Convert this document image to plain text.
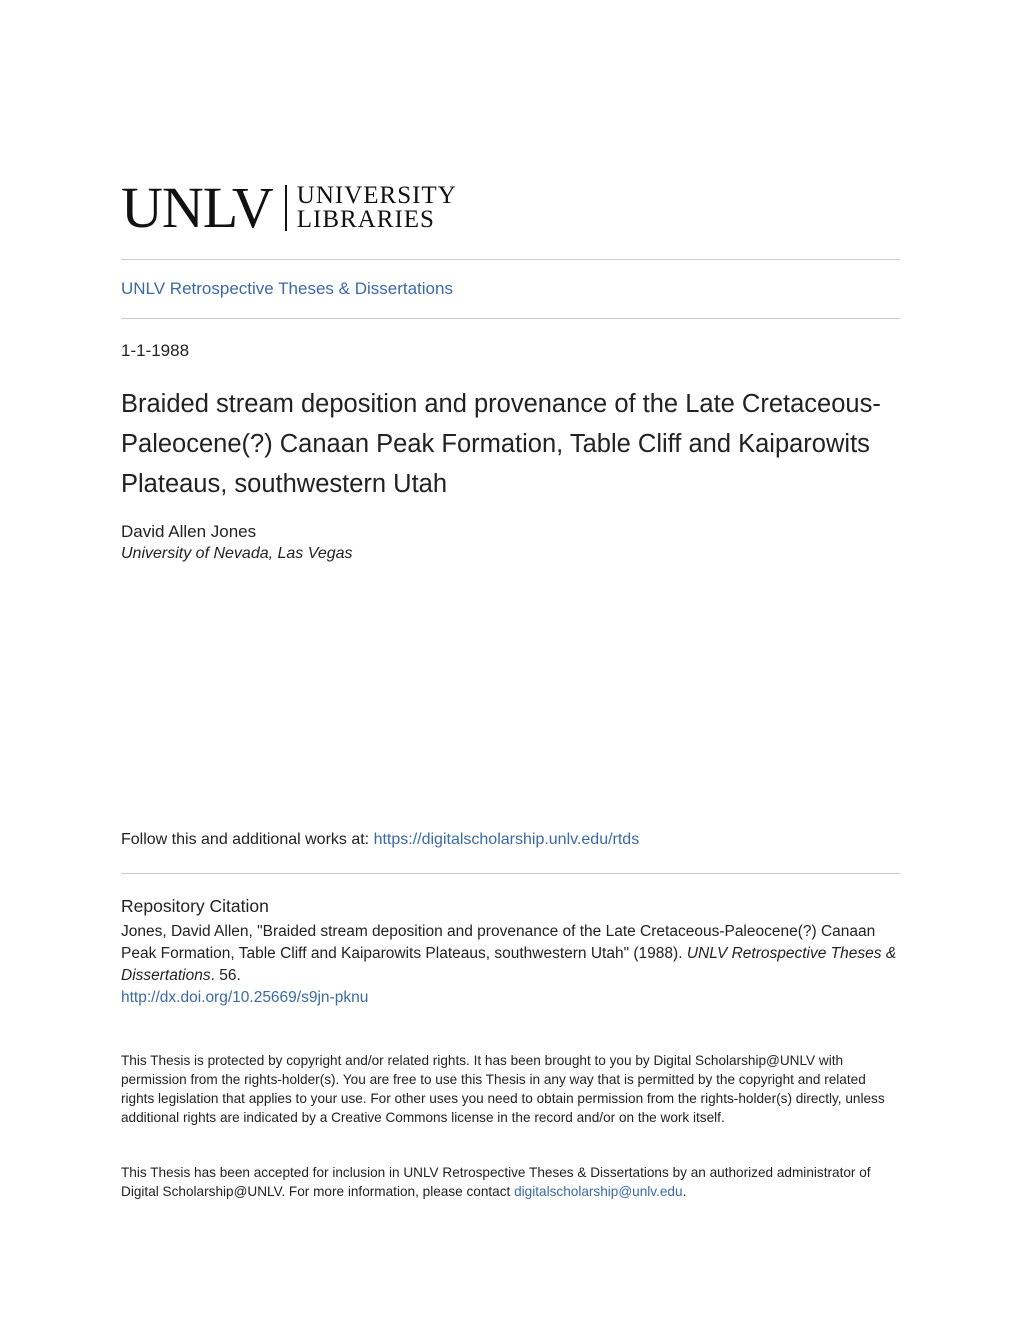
UNLV UNIVERSITY
LIBRARIES
UNLV Retrospective Theses & Dissertations
1-1-1988
Braided stream deposition and provenance of the Late Cretaceous-Paleocene(?) Canaan Peak Formation, Table Cliff and Kaiparowits Plateaus, southwestern Utah
David Allen Jones
University of Nevada, Las Vegas
Follow this and additional works at: https://digitalscholarship.unlv.edu/rtds
Repository Citation
Jones, David Allen, "Braided stream deposition and provenance of the Late Cretaceous-Paleocene(?) Canaan Peak Formation, Table Cliff and Kaiparowits Plateaus, southwestern Utah" (1988). UNLV Retrospective Theses & Dissertations. 56.
http://dx.doi.org/10.25669/s9jn-pknu
This Thesis is protected by copyright and/or related rights. It has been brought to you by Digital Scholarship@UNLV with permission from the rights-holder(s). You are free to use this Thesis in any way that is permitted by the copyright and related rights legislation that applies to your use. For other uses you need to obtain permission from the rights-holder(s) directly, unless additional rights are indicated by a Creative Commons license in the record and/or on the work itself.
This Thesis has been accepted for inclusion in UNLV Retrospective Theses & Dissertations by an authorized administrator of Digital Scholarship@UNLV. For more information, please contact digitalscholarship@unlv.edu.
